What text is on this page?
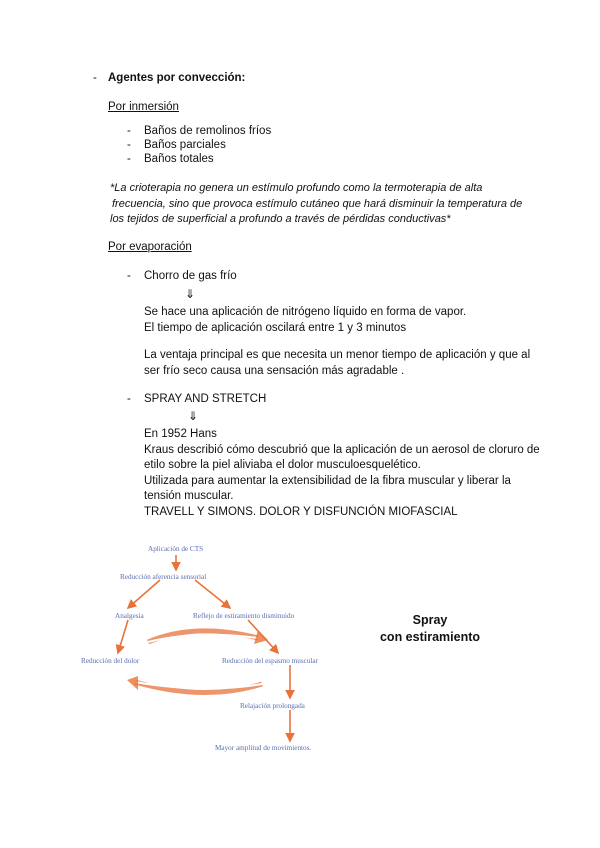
- Agentes por convección:
Por inmersión
- Baños de remolinos fríos
- Baños parciales
- Baños totales
*La crioterapia no genera un estímulo profundo como la termoterapia de alta
frecuencia, sino que provoca estímulo cutáneo que hará disminuir la temperatura de
los tejidos de superficial a profundo a través de pérdidas conductivas*
Por evaporación
- Chorro de gas frío
⇓
Se hace una aplicación de nitrógeno líquido en forma de vapor.
El tiempo de aplicación oscilará entre 1 y 3 minutos
La ventaja principal es que necesita un menor tiempo de aplicación y que al
ser frío seco causa una sensación más agradable .
- SPRAY AND STRETCH
⇓
En 1952 Hans
Kraus describió cómo descubrió que la aplicación de un aerosol de cloruro de
etilo sobre la piel aliviaba el dolor musculoesquelético.
Utilizada para aumentar la extensibilidad de la fibra muscular y liberar la
tensión muscular.
TRAVELL Y SIMONS. DOLOR Y DISFUNCIÓN MIOFASCIAL
Aplicación de CTS
Reducción aferencia sensorial
Analgesia	Reflejo de estiramiento disminuido
Reducción del dolor	Reducción del espasmo muscular
Relajación prolongada
Mayor amplitud de movimientos.
Spray
con estiramiento
